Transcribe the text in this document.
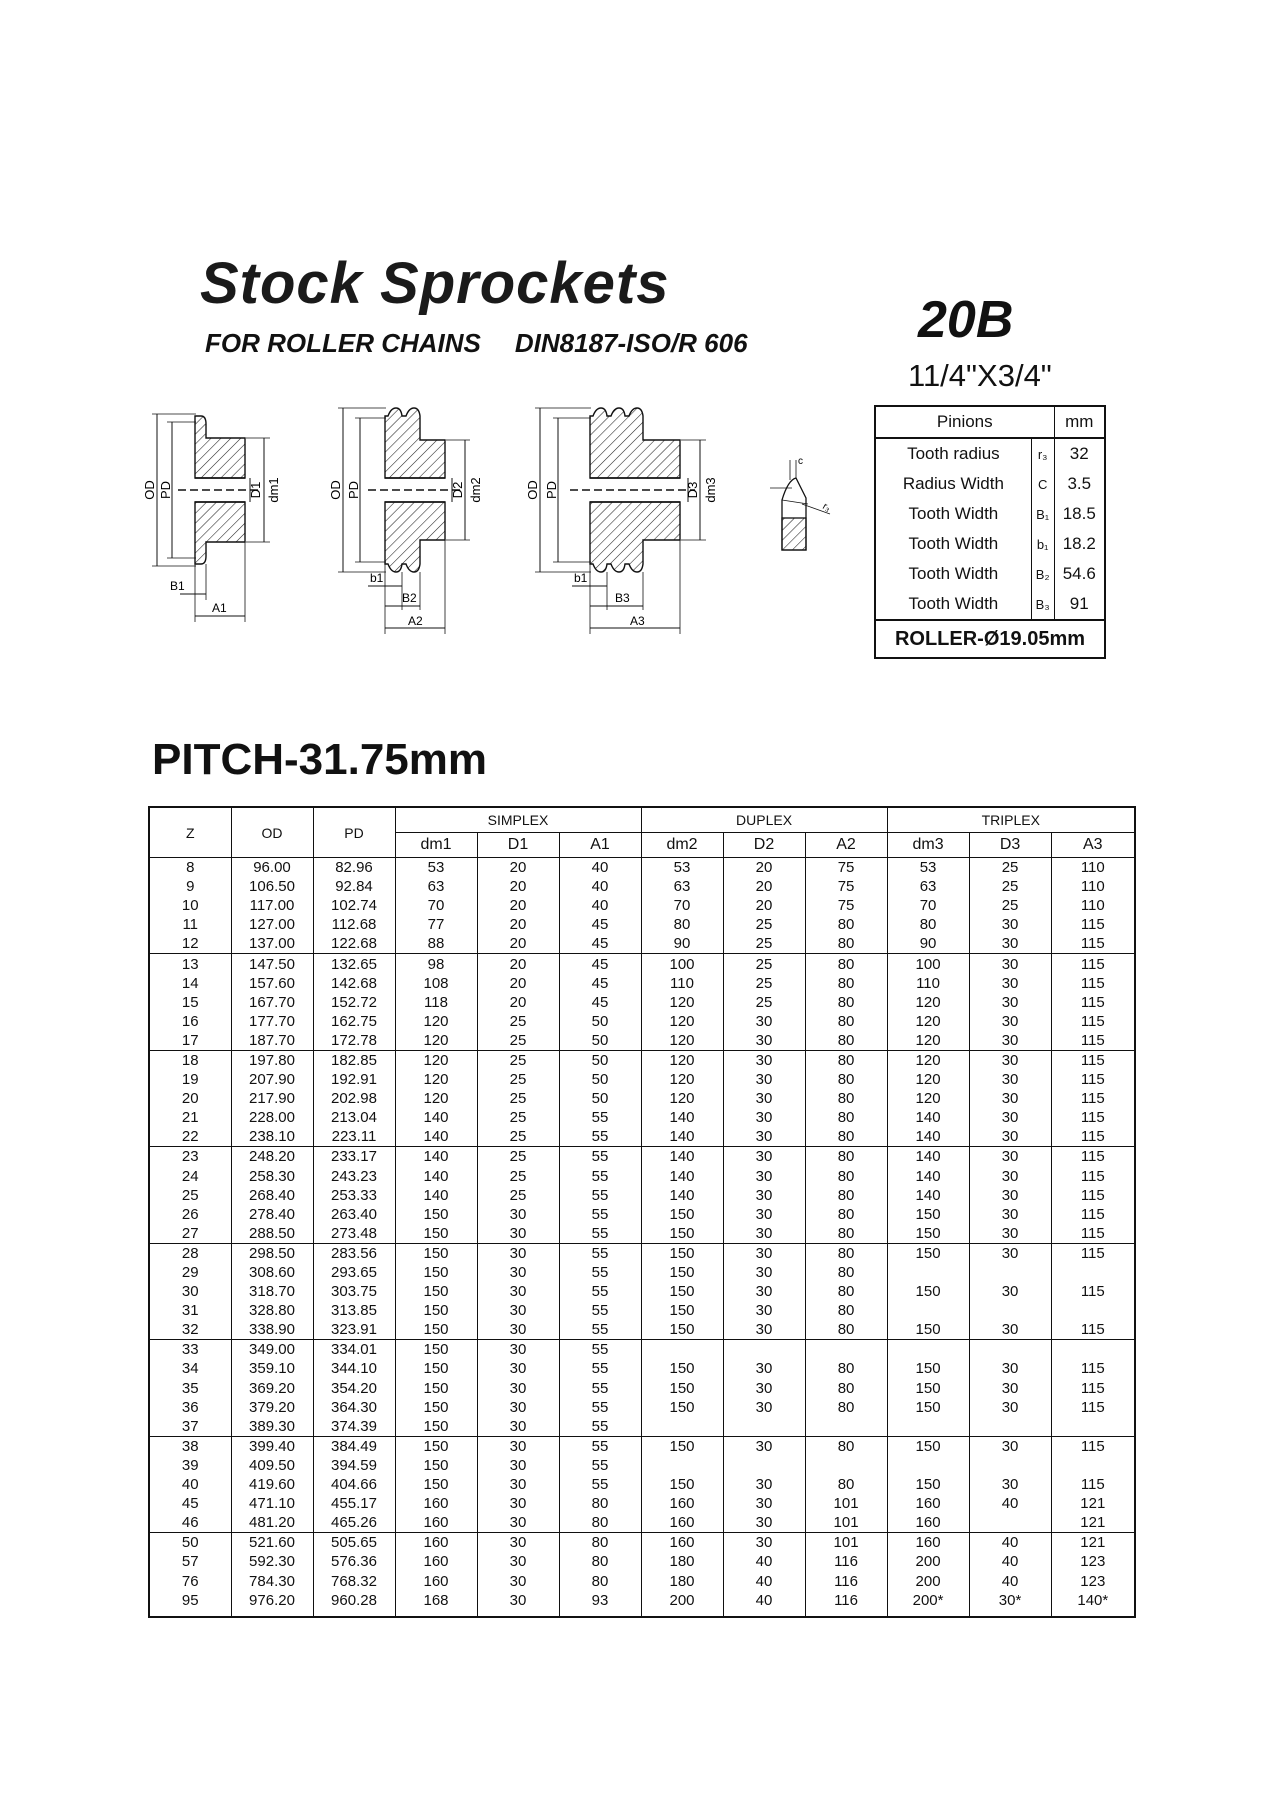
Stock Sprockets
FOR ROLLER CHAINS DIN8187-ISO/R 606	20B
11/4"X3/4"
OD PD	D1 dm1
B1
A1
OD PD	D2 dm2
b1
B2
A2
OD PD	D3 dm3
b1
B3
A3
c
r₃
Pinions		mm
Tooth radius	r₃	32
Radius Width	C	3.5
Tooth Width	B₁	18.5
Tooth Width	b₁	18.2
Tooth Width	B₂	54.6
Tooth Width	B₃	91
ROLLER-Ø19.05mm		
PITCH-31.75mm
Z	OD	PD	SIMPLEX			DUPLEX			TRIPLEX		
			dm1	D1	A1	dm2	D2	A2	dm3	D3	A3
8	96.00	82.96	53	20	40	53	20	75	53	25	110
9	106.50	92.84	63	20	40	63	20	75	63	25	110
10	117.00	102.74	70	20	40	70	20	75	70	25	110
11	127.00	112.68	77	20	45	80	25	80	80	30	115
12	137.00	122.68	88	20	45	90	25	80	90	30	115
13	147.50	132.65	98	20	45	100	25	80	100	30	115
14	157.60	142.68	108	20	45	110	25	80	110	30	115
15	167.70	152.72	118	20	45	120	25	80	120	30	115
16	177.70	162.75	120	25	50	120	30	80	120	30	115
17	187.70	172.78	120	25	50	120	30	80	120	30	115
18	197.80	182.85	120	25	50	120	30	80	120	30	115
19	207.90	192.91	120	25	50	120	30	80	120	30	115
20	217.90	202.98	120	25	50	120	30	80	120	30	115
21	228.00	213.04	140	25	55	140	30	80	140	30	115
22	238.10	223.11	140	25	55	140	30	80	140	30	115
23	248.20	233.17	140	25	55	140	30	80	140	30	115
24	258.30	243.23	140	25	55	140	30	80	140	30	115
25	268.40	253.33	140	25	55	140	30	80	140	30	115
26	278.40	263.40	150	30	55	150	30	80	150	30	115
27	288.50	273.48	150	30	55	150	30	80	150	30	115
28	298.50	283.56	150	30	55	150	30	80	150	30	115
29	308.60	293.65	150	30	55	150	30	80			
30	318.70	303.75	150	30	55	150	30	80	150	30	115
31	328.80	313.85	150	30	55	150	30	80			
32	338.90	323.91	150	30	55	150	30	80	150	30	115
33	349.00	334.01	150	30	55						
34	359.10	344.10	150	30	55	150	30	80	150	30	115
35	369.20	354.20	150	30	55	150	30	80	150	30	115
36	379.20	364.30	150	30	55	150	30	80	150	30	115
37	389.30	374.39	150	30	55						
38	399.40	384.49	150	30	55	150	30	80	150	30	115
39	409.50	394.59	150	30	55						
40	419.60	404.66	150	30	55	150	30	80	150	30	115
45	471.10	455.17	160	30	80	160	30	101	160	40	121
46	481.20	465.26	160	30	80	160	30	101	160		121
50	521.60	505.65	160	30	80	160	30	101	160	40	121
57	592.30	576.36	160	30	80	180	40	116	200	40	123
76	784.30	768.32	160	30	80	180	40	116	200	40	123
95	976.20	960.28	168	30	93	200	40	116	200*	30*	140*
